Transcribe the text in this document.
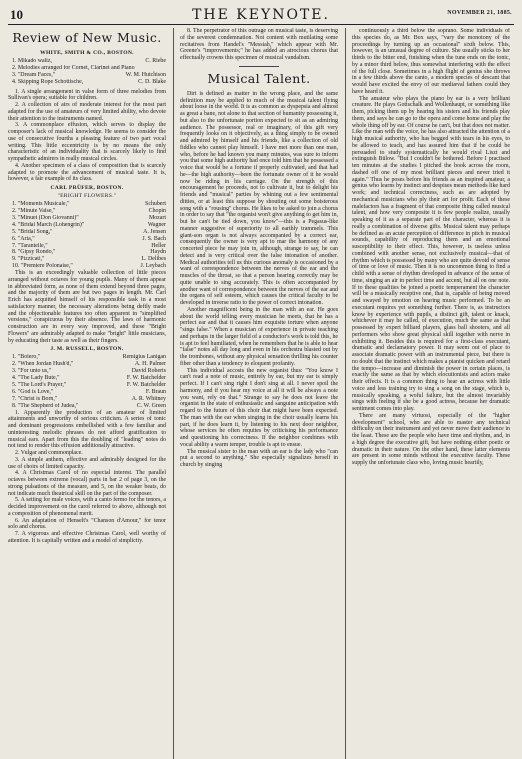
10	THE KEYNOTE.	NOVEMBER 21, 1885.
Review of New Music.
WHITE, SMITH & CO., BOSTON.
1. Mikado waltz,	C. Riebe
2. Melodies arranged for Cornet, Clarinet and Piano
3. "Dream Faces,"	W. M. Hutchison
4. Skipping Rope Schottische,	C. D. Blake

1. A single arrangement in valse form of three melodies from Sullivan's opera; suitable for children.

2. A collection of airs of moderate interest for the most part adapted for the use of amateurs of very limited ability, who devote their attention to the instruments named.

3. A commonplace effusion, which serves to display the composer's lack of musical knowledge. He seems to consider the use of consecutive fourths a pleasing feature of two part vocal writing. This little eccentricity is by no means the only characteristic of an individuality that is scarcely likely to find sympathetic admirers in really musical circles.

4. Another specimen of a class of composition that is scarcely adapted to promote the advancement of musical taste. It is, however, a fair example of its class.

CARL PRÜFER, BOSTON.
"ERIGHT FLOWERS."
1. "Moments Musicale,"	Schubert
2. "Minute Valse,"	Chopin
3. "Minuet (Don Giovanni)"	Mozart
4. "Bridal March (Lohengrin)"	Wagner
5. "Bridal Song,"	A. Jensen
6. "Aria,"	J. S. Bach
7. "Tarantelle,"	Heller
8. "Gipsy Rondo,"	Haydn
9. "Pizzicati,"	L. Delibes
10. "Premiere Polonaise,"	J. Leybach

This is an exceedingly valuable collection of little pieces arranged without octaves for young pupils. Many of them appear in abbreviated form, as none of them extend beyond three pages, and the majority of them are but two pages in length. Mr. Carl Erich has acquitted himself of his responsible task in a most satisfactory manner, the necessary alterations being deftly made and the objectionable features too often apparent in "simplified versions," conspicuous by their absence. The laws of harmonic construction are in every way improved, and these "Bright Flowers" are admirably adapted to make "bright" little musicians, by educating their taste as well as their fingers.

J. M. RUSSELL, BOSTON.
1. "Bolero,"	Remigius Lanigan
2. "When Jordan Hush'd,"	A. H. Palmer
3. "For unto us,"	David Roberts
4. "The Lady Bute,"	F. W. Batchelder
5. "The Lord's Prayer,"	F. W. Batchelder
6. "God is Love,"	F. Braun
7. "Christ is Born,"	A. R. Whitney
8. "The Shepherd of Judea,"	C. W. Green

1. Apparently the production of an amateur of limited attainments and unworthy of serious criticism. A series of tonic and dominant progressions embellished with a few familiar and uninteresting melodic phrases do not afford gratification to musical ears. Apart from this the doubling of "leading" notes do not tend to render this effusion additionally attractive.

2. Vulgar and commonplace.

3. A simple anthem, effective and admirably designed for the use of choirs of limited capacity.

4. A Christmas Carol of no especial interest. The parallel octaves between extreme (vocal) parts in bar 2 of page 3, on the strong pulsations of the measure, and 5, on the weaker beats, do not indicate much theatrical skill on the part of the composer.

5. A setting for male voices, with a canto fermo for the tenors, a decided improvement on the carol referred to above, although not a composition of phenomenal merit.

6. An adaptation of Henselt's "Chanson d'Amour," for tenor solo and chorus.

7. A vigorous and effective Christmas Carol, well worthy of attention. It is capitally written and a model of simplicity.

8. The perpetrator of this outrage on musical taste, is deserving of the severest condemnation. Not content with mutilating some recitatives from Handel's "Messiah," which appear with Mr. Greene's "improvements;" he has added an atrocious chorus that effectually crowns this specimen of musical vandalism.

Musical Talent.

Dirt is defined as matter in the wrong place, and the same definition may be applied to much of the musical talent flying about loose in the world. It is as common as dyspepsia and almost as great a bane, not alone to that section of humanity possessing it, but also to the unfortunate portion expected to sit as an admiring audience. The possessor, real or imaginary, of this gift very frequently looks on it objectively, as a thing simply to be owned and admired by himself and his friends, like a collection of old fiddles who cannot play himself. I have met more than one man, who, before he had known you many minutes, was sure to inform you that some high authority had once told him that he possessed a voice that would be a fortune if properly cultivated, and that had he—the high authority—been the fortunate owner of it he would now be riding in his carriage. On the strength of this encouragement he proceeds, not to cultivate it, but to delight his friends and "musical" parties by whining out a few sentimental ditties, or at least this suppose by shouting out some boisterous song with a "rousing" chorus. He likes to be asked to join a chorus in order to say that "the organist won't give anything to get him in, but he can't be tied down, you know"—this is a Pegasus-like manner suggestive of superiority to all earthly trammels. This giant-son organ is not always accompanied by a correct ear, consequently the owner is very apt to mar the harmony of any concerted piece he may join in, although, strange to say, he can detect and is very critical over the false intonation of another. Medical authorities tell us this curious anomaly is occasioned by a want of correspondence between the nerves of the ear and the muscles of the throat, so that a person hearing correctly may be quite unable to sing accurately. This is often accompanied by another want of correspondence between the nerves of the ear and the organs of self esteem, which causes the critical faculty to be developed in inverse ratio to the power of correct intonation.

Another magnificent being in the man with an ear. He goes about the world telling every musician he meets, that he has a perfect ear and that it causes him exquisite torture when anyone "sings false." When a musician of experience in private teaching and perhaps in the larger field of a conductor's work is told this, he is apt to feel humiliated, when he remembers that he is able to hear "false" notes all day long and even in his orchestra blasted out by the trombones, without any physical sensation thrilling his counter fiber other than a tendency to eloquent profanity.

This individual accosts the new organist thus: "You know I can't read a note of music, entirely by ear, but my ear is simply perfect. If I can't sing right I don't sing at all. I never spoil the harmony, and if you hear my voice at all it will be always a note you want, rely on that." Strange to say he does not leave the organist in the state of enthusiastic and sanguine anticipation with regard to the future of this choir that might have been expected. The man with the ear when singing in the choir usually learns his part, if he does learn it, by listening to his next door neighbor, whose services he often requites by criticising his performance and questioning his correctness. If the neighbor combines with vocal ability a warm temper, trouble is apt to ensue.

The musical sister to the man with an ear is the lady who "can put a second to anything." She especially signalizes herself in church by singing

continuously a third below the soprano. Some individuals of this species do, as Mr. Box says, "vary the monotony of the proceedings by turning up an occasional" sixth below. This, however, is an unusual degree of culture. She usually sticks to her thirds to the bitter end, finishing when the tune ends on the tonic, by a minor third below, thus somewhat interfering with the effect of the full close. Sometimes in a high flight of genius she throws in a few thirds above the canto, a modern species of descant that would have excited the envy of our mediæval fathers could they have heard it.

The amateur who plays the piano by ear is a very brilliant creature. He plays Gottschalk and Wollenhaupt, or something like them, picking them up by hearing his sisters and his friends play them, and says he can go to the opera and come home and play the whole thing off by ear. Of course he can't, but that does not matter. Like the man with the voice, he has also attracted the attention of a high musical authority, who has begged with tears in his eyes, to be allowed to teach, and has assured him that if he could be persuaded to study systematically he would rival Liszt and extinguish Bülow. "But I couldn't be bothered. Before I practised ten minutes at the studies I pitched the book across the room, dashed off one of my most brilliant pieces and never tried it again." Thus he poses before his friends as an inspired amateur, a genius who learns by instinct and despises mean methods like hard work; and technical correctness, such as are adopted by mechanical musicians who ply their art for profit. Each of these malefactors has a fragment of that composite thing called musical talent, and how very composite it is few people realize, usually speaking of it as a separate part of the character, whereas it is really a combination of diverse gifts. Musical talent may perhaps be defined as an acute perception of difference in pitch in musical sounds, capability of reproducing them and an emotional susceptibility to their effect. This, however, is useless unless combined with another sense, not exclusively musical—that of rhythm which is possessed by many who are quite devoid of sense of time or love of music. Then it is no uncommon thing to find a child with a sense of rhythm developed in advance of the sense of time, singing an air in perfect time and accent, but all on one note. If to these qualities be joined a poetic temperament the character will be a musically receptive one, that is, capable of being moved and swayed by emotion on hearing music performed. To be an executant requires yet something further. There is, as instructors know by experience with pupils, a distinct gift, talent or knack, whichever it may be called, of execution, much the same as that possessed by expert billiard players, glass ball shooters, and all performers who show great physical skill together with nerve in exhibiting it. Besides this is required for a first-class executant, dramatic and declamatory power. It may seem out of place to associate dramatic power with an instrumental piece, but there is no doubt that the instinct which makes a pianist quicken and retard the tempo—increase and diminish the power in certain places, is exactly the same as that by which elocutionists and actors make their effects. It is a common thing to hear an actress with little voice and less training try to sing a song on the stage, which is, musically speaking, a woful failure, but the almost invariably sings with feeling if she be a good actress, because her dramatic sentiment comes into play.

There are many virtuosi, especially of the "higher development" school, who are able to master any technical difficulty on their instrument and yet never move their audience in the least. These are the people who have time and rhythm, and, in a high degree the executive gift, but have nothing either poetic or dramatic in their nature. On the other hand, these latter elements are present in some minds without the executive faculty. These supply the unfortunate class who, loving music heartily,
